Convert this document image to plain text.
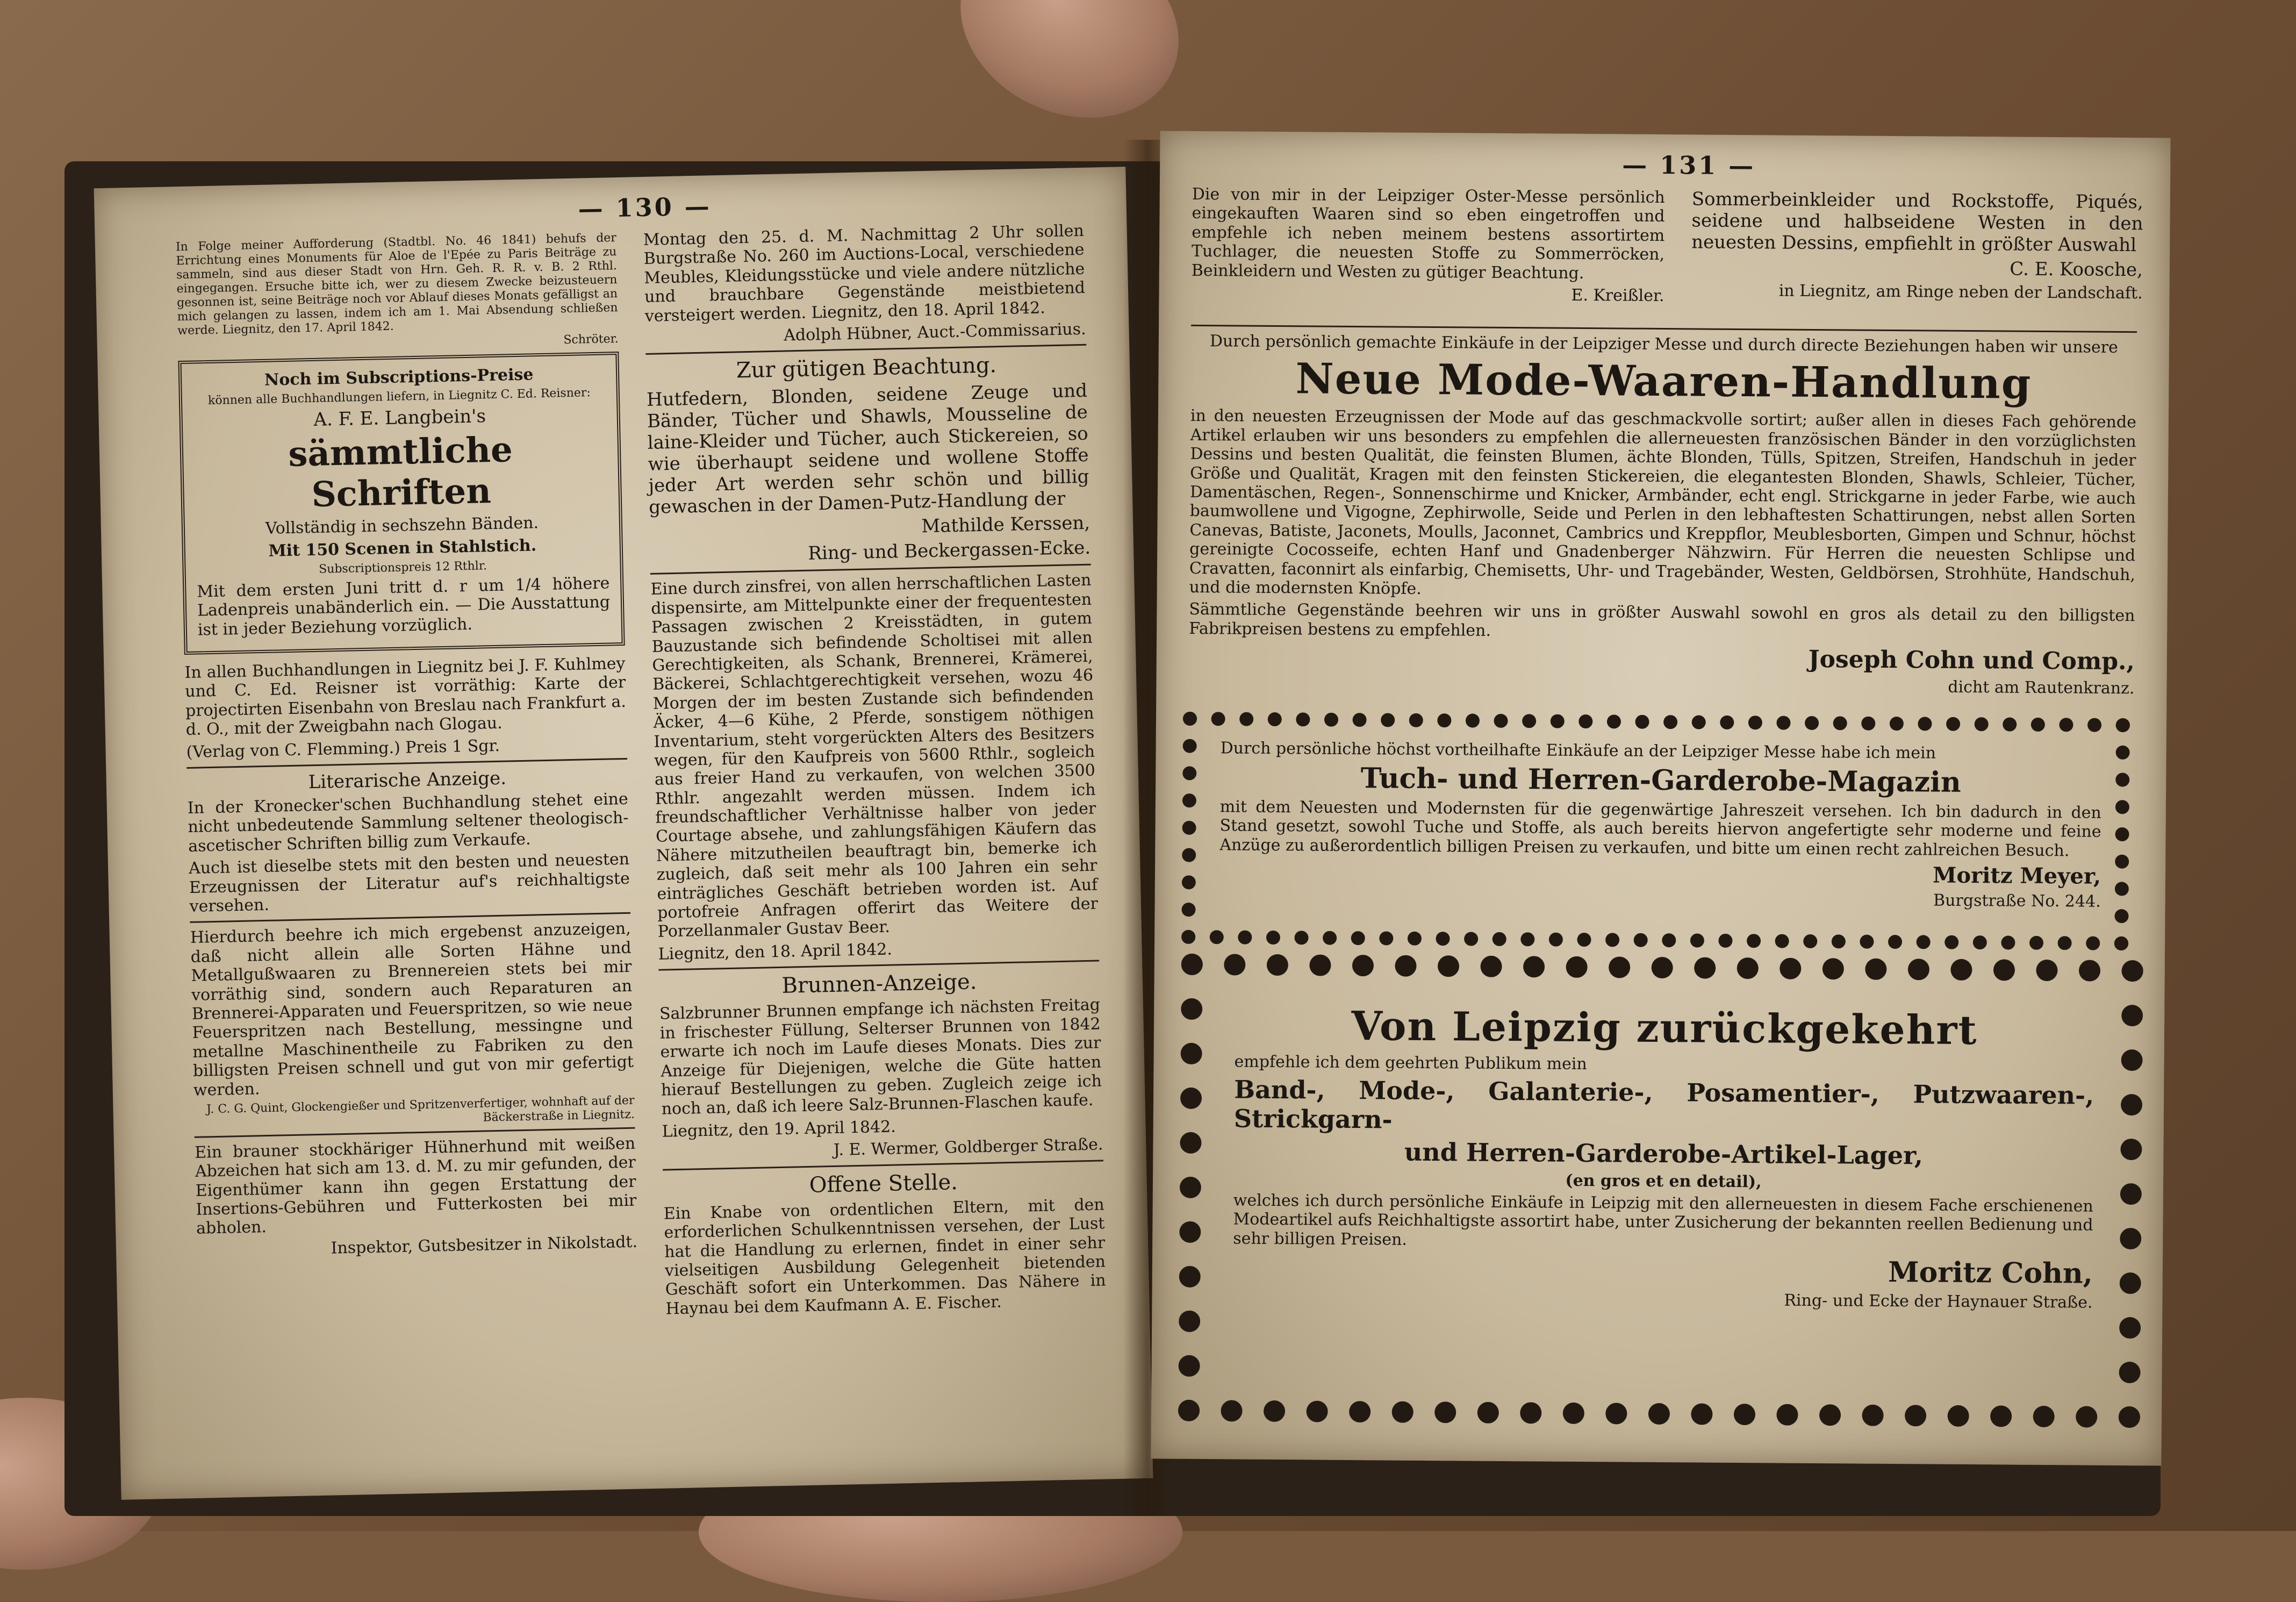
— 130 —

In Folge meiner Aufforderung (Stadtbl. No. 46 1841) behufs der Errichtung eines Monuments für Aloe de l'Epée zu Paris Beiträge zu sammeln, sind aus dieser Stadt von Hrn. Geh. R. R. v. B. 2 Rthl. eingegangen. Ersuche bitte ich, wer zu diesem Zwecke beizusteuern gesonnen ist, seine Beiträge noch vor Ablauf dieses Monats gefälligst an mich gelangen zu lassen, indem ich am 1. Mai Absendung schließen werde. Liegnitz, den 17. April 1842.

Schröter.

Noch im Subscriptions-Preise

können alle Buchhandlungen liefern, in Liegnitz C. Ed. Reisner:

A. F. E. Langbein's

sämmtliche Schriften

Vollständig in sechszehn Bänden.

Mit 150 Scenen in Stahlstich.

Subscriptionspreis 12 Rthlr.

Mit dem ersten Juni tritt d. r um 1/4 höhere Ladenpreis unabänderlich ein. — Die Ausstattung ist in jeder Beziehung vorzüglich.

In allen Buchhandlungen in Liegnitz bei J. F. Kuhlmey und C. Ed. Reisner ist vorräthig: Karte der projectirten Eisenbahn von Breslau nach Frankfurt a. d. O., mit der Zweigbahn nach Glogau.

(Verlag von C. Flemming.) Preis 1 Sgr.

Literarische Anzeige.

In der Kronecker'schen Buchhandlung stehet eine nicht unbedeutende Sammlung seltener theologisch-ascetischer Schriften billig zum Verkaufe.

Auch ist dieselbe stets mit den besten und neuesten Erzeugnissen der Literatur auf's reichhaltigste versehen.

Hierdurch beehre ich mich ergebenst anzuzeigen, daß nicht allein alle Sorten Hähne und Metallgußwaaren zu Brennereien stets bei mir vorräthig sind, sondern auch Reparaturen an Brennerei-Apparaten und Feuerspritzen, so wie neue Feuerspritzen nach Bestellung, messingne und metallne Maschinentheile zu Fabriken zu den billigsten Preisen schnell und gut von mir gefertigt werden.

J. C. G. Quint, Glockengießer und Spritzenverfertiger, wohnhaft auf der Bäckerstraße in Liegnitz.

Ein brauner stockhäriger Hühnerhund mit weißen Abzeichen hat sich am 13. d. M. zu mir gefunden, der Eigenthümer kann ihn gegen Erstattung der Insertions-Gebühren und Futterkosten bei mir abholen.

Inspektor, Gutsbesitzer in Nikolstadt.

Montag den 25. d. M. Nachmittag 2 Uhr sollen Burgstraße No. 260 im Auctions-Local, verschiedene Meubles, Kleidungsstücke und viele andere nützliche und brauchbare Gegenstände meistbietend versteigert werden. Liegnitz, den 18. April 1842.

Adolph Hübner, Auct.-Commissarius.

Zur gütigen Beachtung.

Hutfedern, Blonden, seidene Zeuge und Bänder, Tücher und Shawls, Mousseline de laine-Kleider und Tücher, auch Stickereien, so wie überhaupt seidene und wollene Stoffe jeder Art werden sehr schön und billig gewaschen in der Damen-Putz-Handlung der

Mathilde Kerssen,

Ring- und Beckergassen-Ecke.

Eine durch zinsfrei, von allen herrschaftlichen Lasten dispensirte, am Mittelpunkte einer der frequentesten Passagen zwischen 2 Kreisstädten, in gutem Bauzustande sich befindende Scholtisei mit allen Gerechtigkeiten, als Schank, Brennerei, Krämerei, Bäckerei, Schlachtgerechtigkeit versehen, wozu 46 Morgen der im besten Zustande sich befindenden Äcker, 4—6 Kühe, 2 Pferde, sonstigem nöthigen Inventarium, steht vorgerückten Alters des Besitzers wegen, für den Kaufpreis von 5600 Rthlr., sogleich aus freier Hand zu verkaufen, von welchen 3500 Rthlr. angezahlt werden müssen. Indem ich freundschaftlicher Verhältnisse halber von jeder Courtage absehe, und zahlungsfähigen Käufern das Nähere mitzutheilen beauftragt bin, bemerke ich zugleich, daß seit mehr als 100 Jahren ein sehr einträgliches Geschäft betrieben worden ist. Auf portofreie Anfragen offerirt das Weitere der Porzellanmaler Gustav Beer.

Liegnitz, den 18. April 1842.

Brunnen-Anzeige.

Salzbrunner Brunnen empfange ich nächsten Freitag in frischester Füllung, Selterser Brunnen von 1842 erwarte ich noch im Laufe dieses Monats. Dies zur Anzeige für Diejenigen, welche die Güte hatten hierauf Bestellungen zu geben. Zugleich zeige ich noch an, daß ich leere Salz-Brunnen-Flaschen kaufe.

Liegnitz, den 19. April 1842.

J. E. Wermer, Goldberger Straße.

Offene Stelle.

Ein Knabe von ordentlichen Eltern, mit den erforderlichen Schulkenntnissen versehen, der Lust hat die Handlung zu erlernen, findet in einer sehr vielseitigen Ausbildung Gelegenheit bietenden Geschäft sofort ein Unterkommen. Das Nähere in Haynau bei dem Kaufmann A. E. Fischer.

— 131 —

Die von mir in der Leipziger Oster-Messe persönlich eingekauften Waaren sind so eben eingetroffen und empfehle ich neben meinem bestens assortirtem Tuchlager, die neuesten Stoffe zu Sommerröcken, Beinkleidern und Westen zu gütiger Beachtung.

E. Kreißler.

Sommerbeinkleider und Rockstoffe, Piqués, seidene und halbseidene Westen in den neuesten Dessins, empfiehlt in größter Auswahl

C. E. Koosche,

in Liegnitz, am Ringe neben der Landschaft.

Durch persönlich gemachte Einkäufe in der Leipziger Messe und durch directe Beziehungen haben wir unsere

Neue Mode-Waaren-Handlung

in den neuesten Erzeugnissen der Mode auf das geschmackvolle sortirt; außer allen in dieses Fach gehörende Artikel erlauben wir uns besonders zu empfehlen die allerneuesten französischen Bänder in den vorzüglichsten Dessins und besten Qualität, die feinsten Blumen, ächte Blonden, Tülls, Spitzen, Streifen, Handschuh in jeder Größe und Qualität, Kragen mit den feinsten Stickereien, die elegantesten Blonden, Shawls, Schleier, Tücher, Damentäschen, Regen-, Sonnenschirme und Knicker, Armbänder, echt engl. Strickgarne in jeder Farbe, wie auch baumwollene und Vigogne, Zephirwolle, Seide und Perlen in den lebhaftesten Schattirungen, nebst allen Sorten Canevas, Batiste, Jaconets, Moulls, Jaconnet, Cambrics und Kreppflor, Meublesborten, Gimpen und Schnur, höchst gereinigte Cocosseife, echten Hanf und Gnadenberger Nähzwirn. Für Herren die neuesten Schlipse und Cravatten, faconnirt als einfarbig, Chemisetts, Uhr- und Tragebänder, Westen, Geldbörsen, Strohhüte, Handschuh, und die modernsten Knöpfe.

Sämmtliche Gegenstände beehren wir uns in größter Auswahl sowohl en gros als detail zu den billigsten Fabrikpreisen bestens zu empfehlen.

Joseph Cohn und Comp.,

dicht am Rautenkranz.

Durch persönliche höchst vortheilhafte Einkäufe an der Leipziger Messe habe ich mein

Tuch- und Herren-Garderobe-Magazin

mit dem Neuesten und Modernsten für die gegenwärtige Jahreszeit versehen. Ich bin dadurch in den Stand gesetzt, sowohl Tuche und Stoffe, als auch bereits hiervon angefertigte sehr moderne und feine Anzüge zu außerordentlich billigen Preisen zu verkaufen, und bitte um einen recht zahlreichen Besuch.

Moritz Meyer,

Burgstraße No. 244.

Von Leipzig zurückgekehrt

empfehle ich dem geehrten Publikum mein

Band-, Mode-, Galanterie-, Posamentier-, Putzwaaren-, Strickgarn-

und Herren-Garderobe-Artikel-Lager,

(en gros et en detail),

welches ich durch persönliche Einkäufe in Leipzig mit den allerneuesten in diesem Fache erschienenen Modeartikel aufs Reichhaltigste assortirt habe, unter Zusicherung der bekannten reellen Bedienung und sehr billigen Preisen.

Moritz Cohn,

Ring- und Ecke der Haynauer Straße.
